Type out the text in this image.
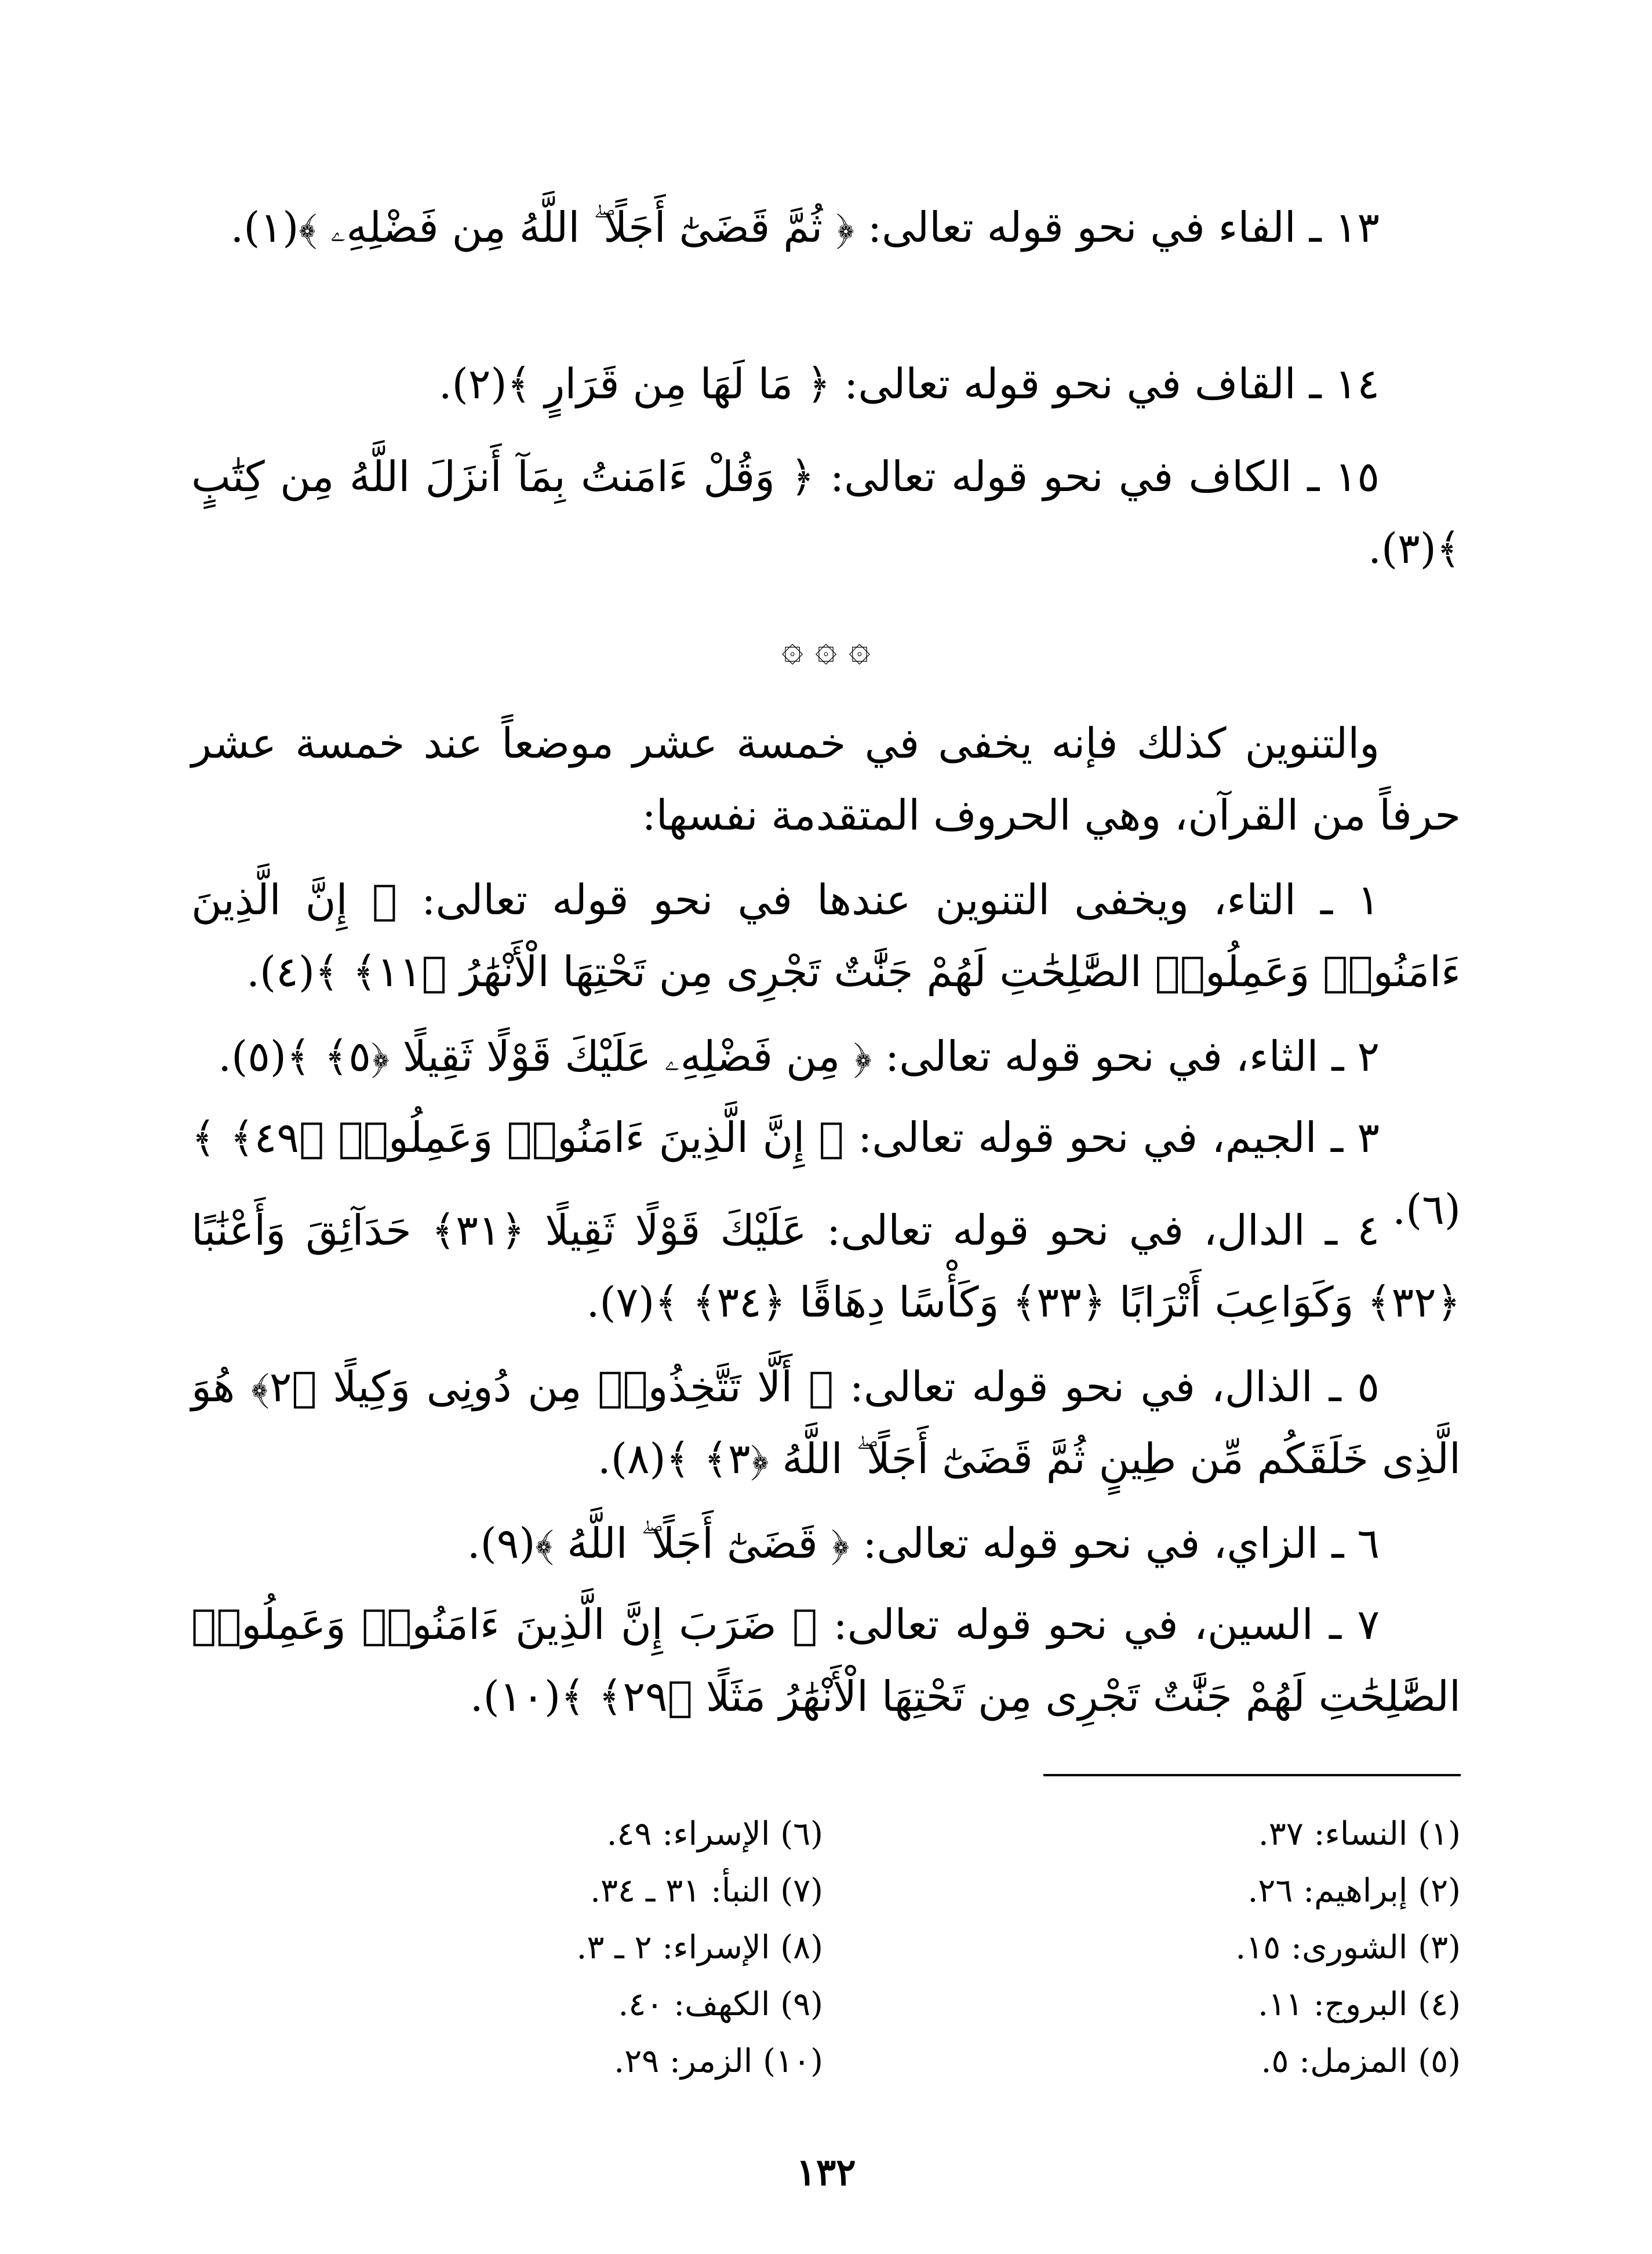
١٣ ـ الفاء في نحو قوله تعالى: ﴿ ثُمَّ قَضَىٰٓ أَجَلًا ۖ اللَّهُ مِن فَضْلِهِۦ ﴾(١).

١٤ ـ القاف في نحو قوله تعالى: ﴿ مَا لَهَا مِن قَرَارٍ ﴾(٢).

١٥ ـ الكاف في نحو قوله تعالى: ﴿ وَقُلْ ءَامَنتُ بِمَآ أَنزَلَ اللَّهُ مِن كِتَٰبٍ ﴾(٣).

۞ ۞ ۞

والتنوين كذلك فإنه يخفى في خمسة عشر موضعاً عند خمسة عشر حرفاً من القرآن، وهي الحروف المتقدمة نفسها:

١ ـ التاء، ويخفى التنوين عندها في نحو قوله تعالى: ﴿ إِنَّ الَّذِينَ ءَامَنُوا۟ وَعَمِلُوا۟ الصَّٰلِحَٰتِ لَهُمْ جَنَّٰتٌ تَجْرِى مِن تَحْتِهَا الْأَنْهَٰرُ ﴿١١﴾ ﴾(٤).

٢ ـ الثاء، في نحو قوله تعالى: ﴿ مِن فَضْلِهِۦ عَلَيْكَ قَوْلًا ثَقِيلًا ﴿٥﴾ ﴾(٥).

٣ ـ الجيم، في نحو قوله تعالى: ﴿ إِنَّ الَّذِينَ ءَامَنُوا۟ وَعَمِلُوا۟ ﴿٤٩﴾ ﴾(٦).

٤ ـ الدال، في نحو قوله تعالى: عَلَيْكَ قَوْلًا ثَقِيلًا ﴿٣١﴾ حَدَآئِقَ وَأَعْنَٰبًا ﴿٣٢﴾ وَكَوَاعِبَ أَتْرَابًا ﴿٣٣﴾ وَكَأْسًا دِهَاقًا ﴿٣٤﴾ ﴾(٧).

٥ ـ الذال، في نحو قوله تعالى: ﴿ أَلَّا تَتَّخِذُوا۟ مِن دُونِى وَكِيلًا ﴿٢﴾ هُوَ الَّذِى خَلَقَكُم مِّن طِينٍ ثُمَّ قَضَىٰٓ أَجَلًا ۖ اللَّهُ ﴿٣﴾ ﴾(٨).

٦ ـ الزاي، في نحو قوله تعالى: ﴿ قَضَىٰٓ أَجَلًا ۖ اللَّهُ ﴾(٩).

٧ ـ السين، في نحو قوله تعالى: ﴿ ضَرَبَ إِنَّ الَّذِينَ ءَامَنُوا۟ وَعَمِلُوا۟ الصَّٰلِحَٰتِ لَهُمْ جَنَّٰتٌ تَجْرِى مِن تَحْتِهَا الْأَنْهَٰرُ مَثَلًا ﴿٢٩﴾ ﴾(١٠).

(١) النساء: ٣٧.
(٢) إبراهيم: ٢٦.
(٣) الشورى: ١٥.
(٤) البروج: ١١.
(٥) المزمل: ٥.
(٦) الإسراء: ٤٩.
(٧) النبأ: ٣١ ـ ٣٤.
(٨) الإسراء: ٢ ـ ٣.
(٩) الكهف: ٤٠.
(١٠) الزمر: ٢٩.
١٣٢
